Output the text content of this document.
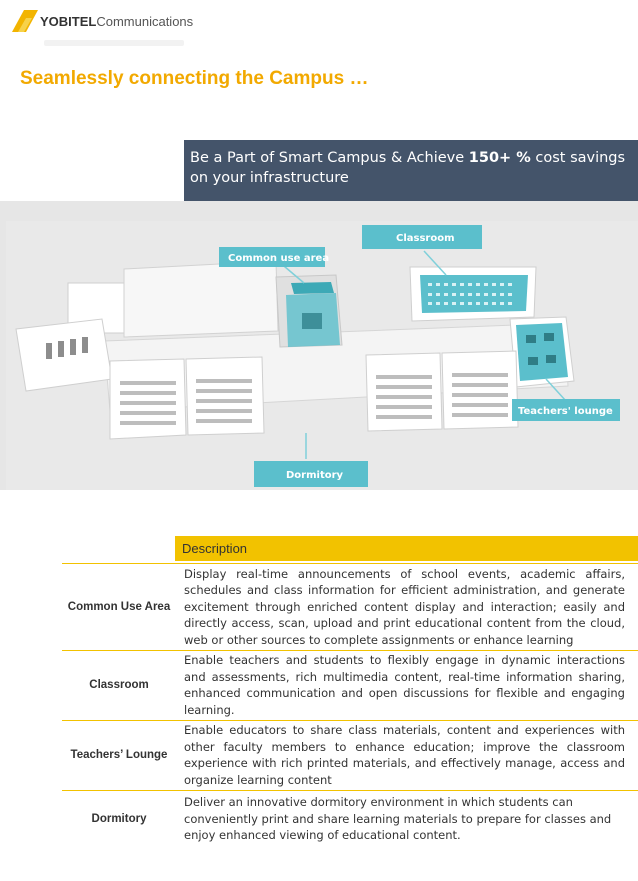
YOBITELCommunications
Seamlessly connecting the Campus …
Be a Part of Smart Campus & Achieve 150+ % cost savings on your infrastructure
Common use area
Classroom
Teachers' lounge
Dormitory
Description
Common Use Area
Display real-time announcements of school events, academic affairs, schedules and class information for efficient administration, and generate excitement through enriched content display and interaction; easily and directly access, scan, upload and print educational content from the cloud, web or other sources to complete assignments or enhance learning
Classroom
Enable teachers and students to flexibly engage in dynamic interactions and assessments, rich multimedia content, real-time information sharing, enhanced communication and open discussions for flexible and engaging learning.
Teachers’ Lounge
Enable educators to share class materials, content and experiences with other faculty members to enhance education; improve the classroom experience with rich printed materials, and effectively manage, access and organize learning content
Dormitory
Deliver an innovative dormitory environment in which students can conveniently print and share learning materials to prepare for classes and enjoy enhanced viewing of educational content.
